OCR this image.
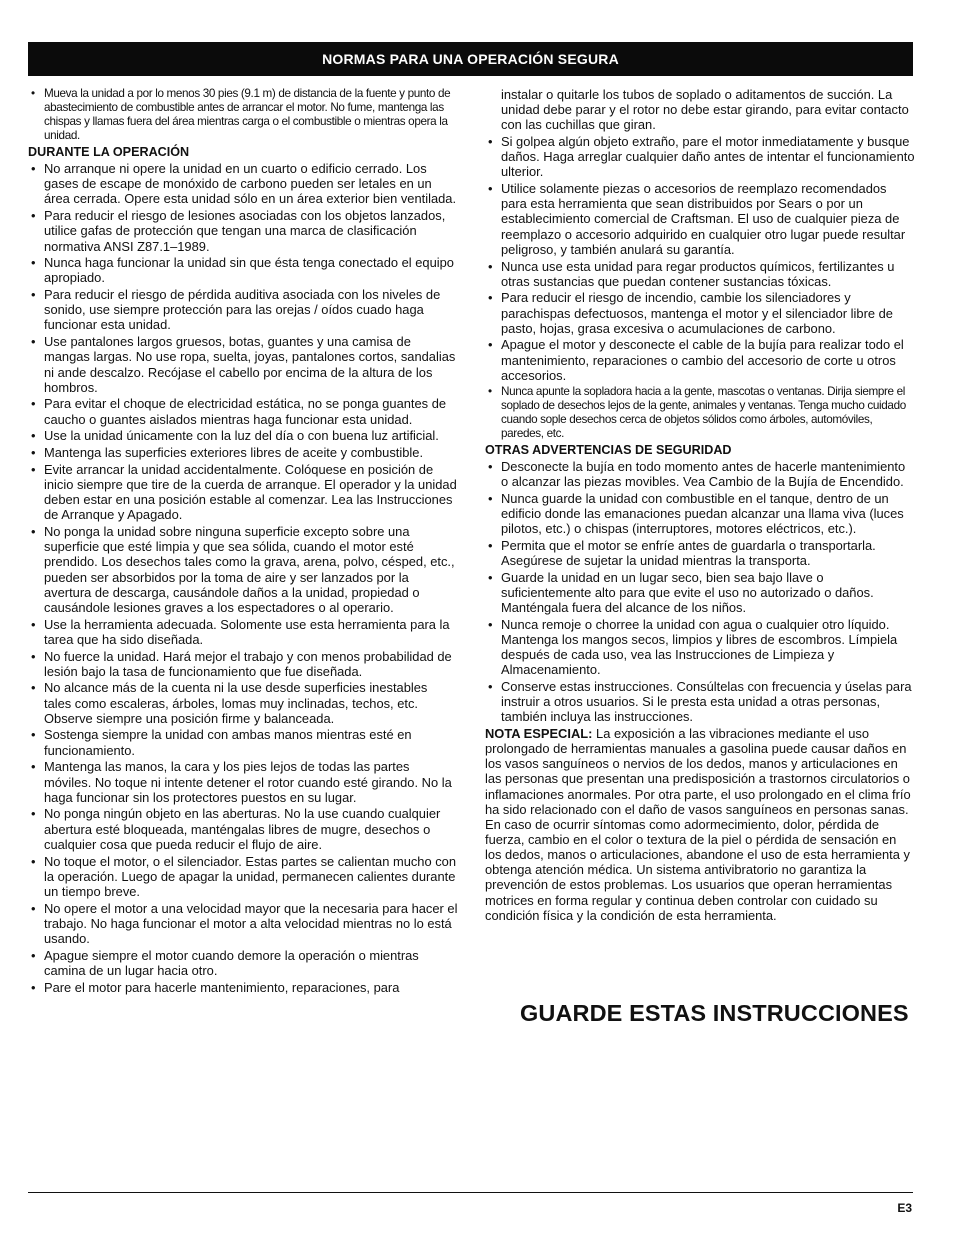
NORMAS PARA UNA OPERACIÓN SEGURA
• Mueva la unidad a por lo menos 30 pies (9.1 m) de distancia de la fuente y punto de abastecimiento de combustible antes de arrancar el motor. No fume, mantenga las chispas y llamas fuera del área mientras carga o el combustible o mientras opera la unidad.
DURANTE LA OPERACIÓN
• No arranque ni opere la unidad en un cuarto o edificio cerrado. Los gases de escape de monóxido de carbono pueden ser letales en un área cerrada. Opere esta unidad sólo en un área exterior bien ventilada.
• Para reducir el riesgo de lesiones asociadas con los objetos lanzados, utilice gafas de protección que tengan una marca de clasificación normativa ANSI Z87.1–1989.
• Nunca haga funcionar la unidad sin que ésta tenga conectado el equipo apropiado.
• Para reducir el riesgo de pérdida auditiva asociada con los niveles de sonido, use siempre protección para las orejas / oídos cuado haga funcionar esta unidad.
• Use pantalones largos gruesos, botas, guantes y una camisa de mangas largas. No use ropa, suelta, joyas, pantalones cortos, sandalias ni ande descalzo. Recójase el cabello por encima de la altura de los hombros.
• Para evitar el choque de electricidad estática, no se ponga guantes de caucho o guantes aislados mientras haga funcionar esta unidad.
• Use la unidad únicamente con la luz del día o con buena luz artificial.
• Mantenga las superficies exteriores libres de aceite y combustible.
• Evite arrancar la unidad accidentalmente. Colóquese en posición de inicio siempre que tire de la cuerda de arranque. El operador y la unidad deben estar en una posición estable al comenzar. Lea las Instrucciones de Arranque y Apagado.
• No ponga la unidad sobre ninguna superficie excepto sobre una superficie que esté limpia y que sea sólida, cuando el motor esté prendido. Los desechos tales como la grava, arena, polvo, césped, etc., pueden ser absorbidos por la toma de aire y ser lanzados por la avertura de descarga, causándole daños a la unidad, propiedad o causándole lesiones graves a los espectadores o al operario.
• Use la herramienta adecuada. Solomente use esta herramienta para la tarea que ha sido diseñada.
• No fuerce la unidad. Hará mejor el trabajo y con menos probabilidad de lesión bajo la tasa de funcionamiento que fue diseñada.
• No alcance más de la cuenta ni la use desde superficies inestables tales como escaleras, árboles, lomas muy inclinadas, techos, etc. Observe siempre una posición firme y balanceada.
• Sostenga siempre la unidad con ambas manos mientras esté en funcionamiento.
• Mantenga las manos, la cara y los pies lejos de todas las partes móviles. No toque ni intente detener el rotor cuando esté girando. No la haga funcionar sin los protectores puestos en su lugar.
• No ponga ningún objeto en las aberturas. No la use cuando cualquier abertura esté bloqueada, manténgalas libres de mugre, desechos o cualquier cosa que pueda reducir el flujo de aire.
• No toque el motor, o el silenciador. Estas partes se calientan mucho con la operación. Luego de apagar la unidad, permanecen calientes durante un tiempo breve.
• No opere el motor a una velocidad mayor que la necesaria para hacer el trabajo. No haga funcionar el motor a alta velocidad mientras no lo está usando.
• Apague siempre el motor cuando demore la operación o mientras camina de un lugar hacia otro.
• Pare el motor para hacerle mantenimiento, reparaciones, para
instalar o quitarle los tubos de soplado o aditamentos de succión. La unidad debe parar y el rotor no debe estar girando, para evitar contacto con las cuchillas que giran.
• Si golpea algún objeto extraño, pare el motor inmediatamente y busque daños. Haga arreglar cualquier daño antes de intentar el funcionamiento ulterior.
• Utilice solamente piezas o accesorios de reemplazo recomendados para esta herramienta que sean distribuidos por Sears o por un establecimiento comercial de Craftsman. El uso de cualquier pieza de reemplazo o accesorio adquirido en cualquier otro lugar puede resultar peligroso, y también anulará su garantía.
• Nunca use esta unidad para regar productos químicos, fertilizantes u otras sustancias que puedan contener sustancias tóxicas.
• Para reducir el riesgo de incendio, cambie los silenciadores y parachispas defectuosos, mantenga el motor y el silenciador libre de pasto, hojas, grasa excesiva o acumulaciones de carbono.
• Apague el motor y desconecte el cable de la bujía para realizar todo el mantenimiento, reparaciones o cambio del accesorio de corte u otros accesorios.
• Nunca apunte la sopladora hacia a la gente, mascotas o ventanas. Dirija siempre el soplado de desechos lejos de la gente, animales y ventanas. Tenga mucho cuidado cuando sople desechos cerca de objetos sólidos como árboles, automóviles, paredes, etc.
OTRAS ADVERTENCIAS DE SEGURIDAD
• Desconecte la bujía en todo momento antes de hacerle mantenimiento o alcanzar las piezas movibles. Vea Cambio de la Bujía de Encendido.
• Nunca guarde la unidad con combustible en el tanque, dentro de un edificio donde las emanaciones puedan alcanzar una llama viva (luces pilotos, etc.) o chispas (interruptores, motores eléctricos, etc.).
• Permita que el motor se enfríe antes de guardarla o transportarla. Asegúrese de sujetar la unidad mientras la transporta.
• Guarde la unidad en un lugar seco, bien sea bajo llave o suficientemente alto para que evite el uso no autorizado o daños. Manténgala fuera del alcance de los niños.
• Nunca remoje o chorree la unidad con agua o cualquier otro líquido. Mantenga los mangos secos, limpios y libres de escombros. Límpiela después de cada uso, vea las Instrucciones de Limpieza y Almacenamiento.
• Conserve estas instrucciones. Consúltelas con frecuencia y úselas para instruir a otros usuarios. Si le presta esta unidad a otras personas, también incluya las instrucciones.
NOTA ESPECIAL: La exposición a las vibraciones mediante el uso prolongado de herramientas manuales a gasolina puede causar daños en los vasos sanguíneos o nervios de los dedos, manos y articulaciones en las personas que presentan una predisposición a trastornos circulatorios o inflamaciones anormales. Por otra parte, el uso prolongado en el clima frío ha sido relacionado con el daño de vasos sanguíneos en personas sanas. En caso de ocurrir síntomas como adormecimiento, dolor, pérdida de fuerza, cambio en el color o textura de la piel o pérdida de sensación en los dedos, manos o articulaciones, abandone el uso de esta herramienta y obtenga atención médica. Un sistema antivibratorio no garantiza la prevención de estos problemas. Los usuarios que operan herramientas motrices en forma regular y continua deben controlar con cuidado su condición física y la condición de esta herramienta.
GUARDE ESTAS INSTRUCCIONES
E3
